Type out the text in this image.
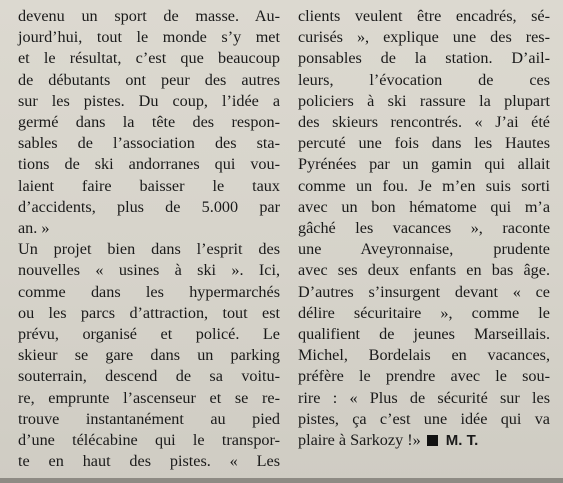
devenu un sport de masse. Au-
jourd’hui, tout le monde s’y met
et le résultat, c’est que beaucoup
de débutants ont peur des autres
sur les pistes. Du coup, l’idée a
germé dans la tête des respon-
sables de l’association des sta-
tions de ski andorranes qui vou-
laient faire baisser le taux
d’accidents, plus de 5.000 par
an. »
Un projet bien dans l’esprit des
nouvelles « usines à ski ». Ici,
comme dans les hypermarchés
ou les parcs d’attraction, tout est
prévu, organisé et policé. Le
skieur se gare dans un parking
souterrain, descend de sa voitu-
re, emprunte l’ascenseur et se re-
trouve instantanément au pied
d’une télécabine qui le transpor-
te en haut des pistes. « Les
clients veulent être encadrés, sé-
curisés », explique une des res-
ponsables de la station. D’ail-
leurs, l’évocation de ces
policiers à ski rassure la plupart
des skieurs rencontrés. « J’ai été
percuté une fois dans les Hautes
Pyrénées par un gamin qui allait
comme un fou. Je m’en suis sorti
avec un bon hématome qui m’a
gâché les vacances », raconte
une Aveyronnaise, prudente
avec ses deux enfants en bas âge.
D’autres s’insurgent devant « ce
délire sécuritaire », comme le
qualifient de jeunes Marseillais.
Michel, Bordelais en vacances,
préfère le prendre avec le sou-
rire : « Plus de sécurité sur les
pistes, ça c’est une idée qui va
plaire à Sarkozy !» M. T.
